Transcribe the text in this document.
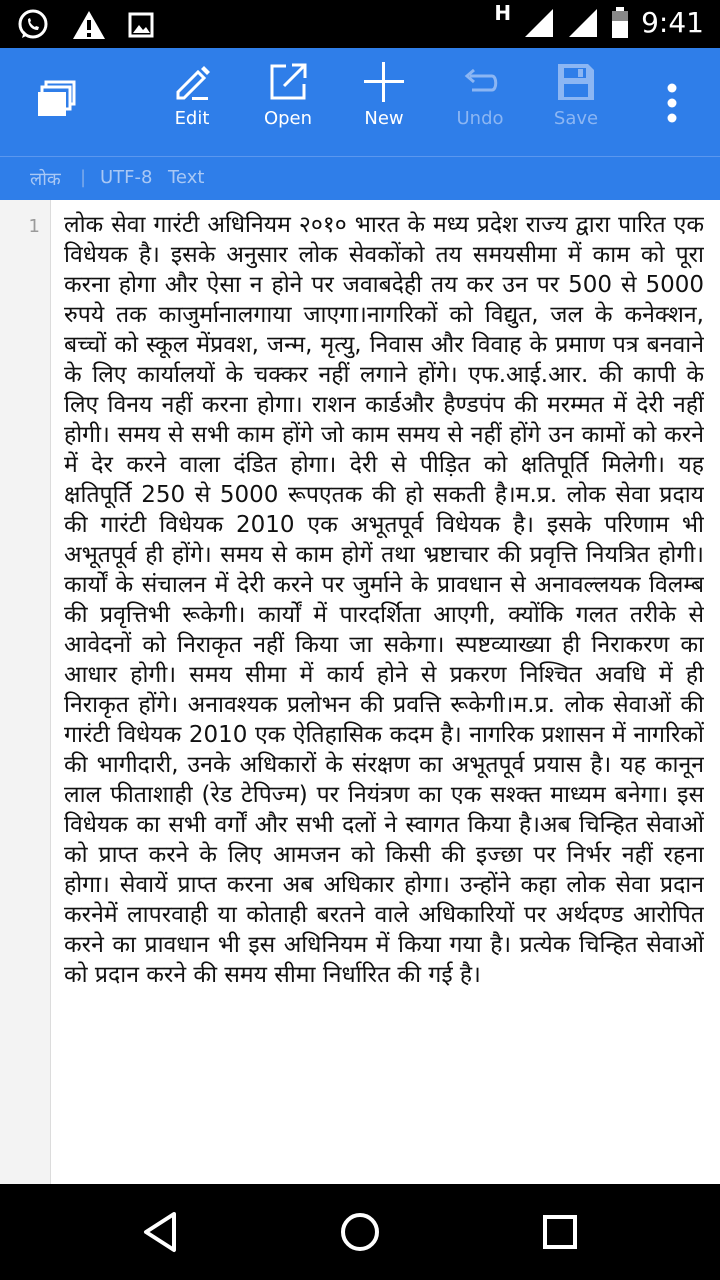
H	9:41
Edit	Open	New	Undo	Save
लोक | UTF-8 Text
1 लोक सेवा गारंटी अधिनियम २०१० भारत के मध्य प्रदेश राज्य द्वारा पारित एक विधेयक है। इसके अनुसार लोक सेवकोंको तय समयसीमा में काम को पूरा करना होगा और ऐसा न होने पर जवाबदेही तय कर उन पर 500 से 5000 रुपये तक काजुर्मानालगाया जाएगा।नागरिकों को विद्युत, जल के कनेक्शन, बच्चों को स्कूल मेंप्रवश, जन्म, मृत्यु, निवास और विवाह के प्रमाण पत्र बनवाने के लिए कार्यालयों के चक्कर नहीं लगाने होंगे। एफ.आई.आर. की कापी के लिए विनय नहीं करना होगा। राशन कार्डऔर हैण्डपंप की मरम्मत में देरी नहीं होगी। समय से सभी काम होंगे जो काम समय से नहीं होंगे उन कामों को करने में देर करने वाला दंडित होगा। देरी से पीड़ित को क्षतिपूर्ति मिलेगी। यह क्षतिपूर्ति 250 से 5000 रूपएतक की हो सकती है।म.प्र. लोक सेवा प्रदाय की गारंटी विधेयक 2010 एक अभूतपूर्व विधेयक है। इसके परिणाम भी अभूतपूर्व ही होंगे। समय से काम होगें तथा भ्रष्टाचार की प्रवृत्ति नियत्रित होगी। कार्यों के संचालन में देरी करने पर जुर्माने के प्रावधान से अनावल्लयक विलम्ब की प्रवृत्तिभी रूकेगी। कार्यों में पारदर्शिता आएगी, क्योंकि गलत तरीके से आवेदनों को निराकृत नहीं किया जा सकेगा। स्पष्टव्याख्या ही निराकरण का आधार होगी। समय सीमा में कार्य होने से प्रकरण निश्चित अवधि में ही निराकृत होंगे। अनावश्यक प्रलोभन की प्रवत्ति रूकेगी।म.प्र. लोक सेवाओं की गारंटी विधेयक 2010 एक ऐतिहासिक कदम है। नागरिक प्रशासन में नागरिकों की भागीदारी, उनके अधिकारों के संरक्षण का अभूतपूर्व प्रयास है। यह कानून लाल फीताशाही (रेड टेपिज्म) पर नियंत्रण का एक सश्क्त माध्यम बनेगा। इस विधेयक का सभी वर्गों और सभी दलों ने स्वागत किया है।अब चिन्हित सेवाओं को प्राप्त करने के लिए आमजन को किसी की इज्छा पर निर्भर नहीं रहना होगा। सेवायें प्राप्त करना अब अधिकार होगा। उन्होंने कहा लोक सेवा प्रदान करनेमें लापरवाही या कोताही बरतने वाले अधिकारियों पर अर्थदण्ड आरोपित करने का प्रावधान भी इस अधिनियम में किया गया है। प्रत्येक चिन्हित सेवाओं को प्रदान करने की समय सीमा निर्धारित की गई है।
